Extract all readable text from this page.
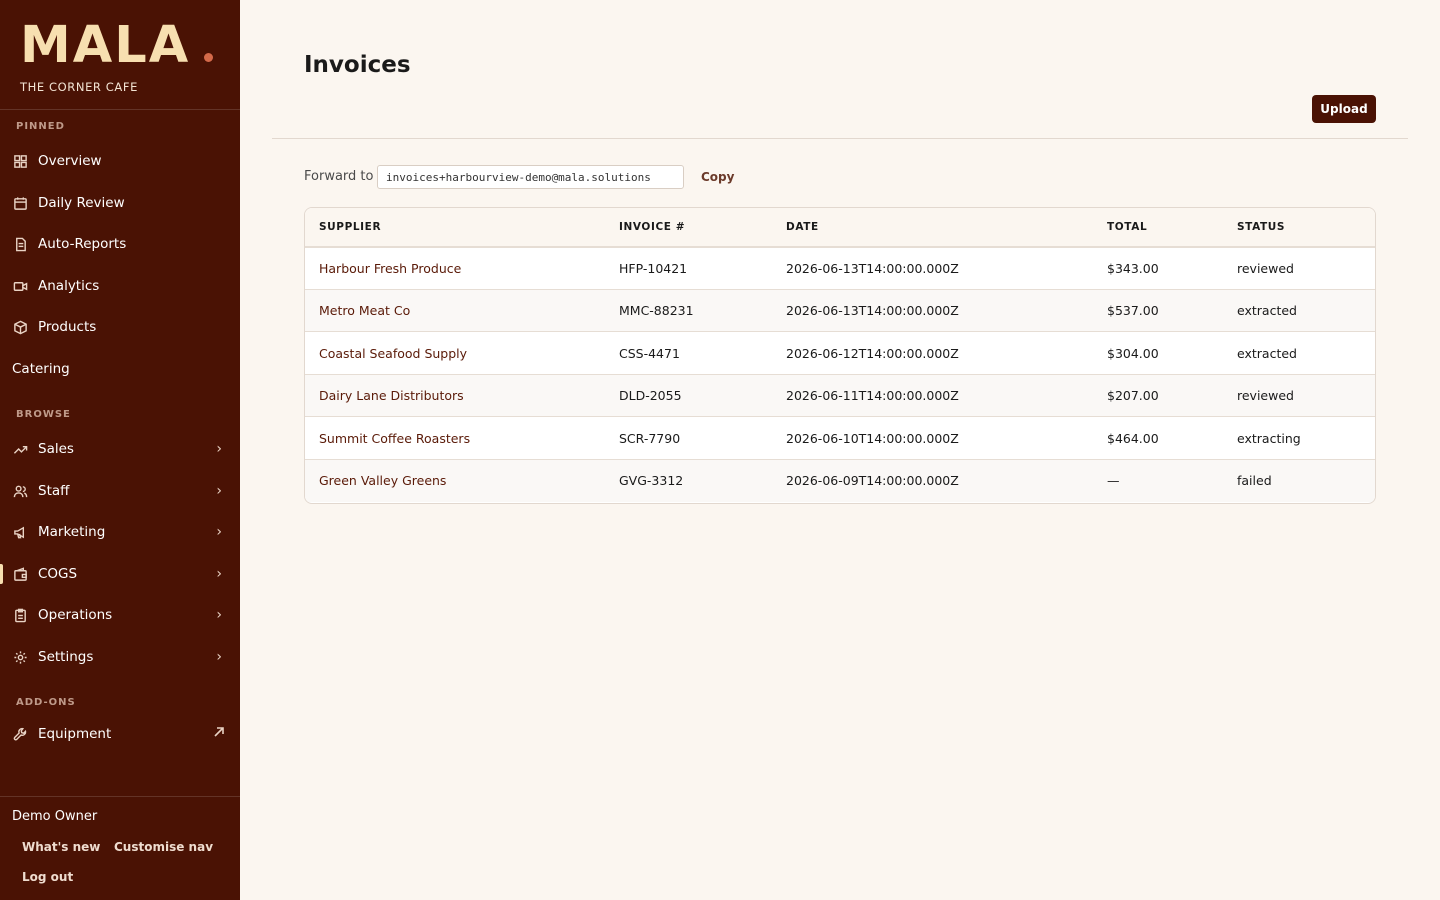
MALA
THE CORNER CAFE
PINNED
Overview
Daily Review
Auto-Reports
Analytics
Products
Catering
BROWSE
Sales	›
Staff	›
Marketing	›
COGS	›
Operations	›
Settings	›
ADD-ONS
Equipment
Demo Owner
What's new Customise nav
Log out
Invoices
Upload
Forward to	invoices+harbourview-demo@mala.solutions	Copy
SUPPLIER	INVOICE #	DATE	TOTAL	STATUS
Harbour Fresh Produce	HFP-10421	2026-06-13T14:00:00.000Z	$343.00	reviewed
Metro Meat Co	MMC-88231	2026-06-13T14:00:00.000Z	$537.00	extracted
Coastal Seafood Supply	CSS-4471	2026-06-12T14:00:00.000Z	$304.00	extracted
Dairy Lane Distributors	DLD-2055	2026-06-11T14:00:00.000Z	$207.00	reviewed
Summit Coffee Roasters	SCR-7790	2026-06-10T14:00:00.000Z	$464.00	extracting
Green Valley Greens	GVG-3312	2026-06-09T14:00:00.000Z	—	failed
